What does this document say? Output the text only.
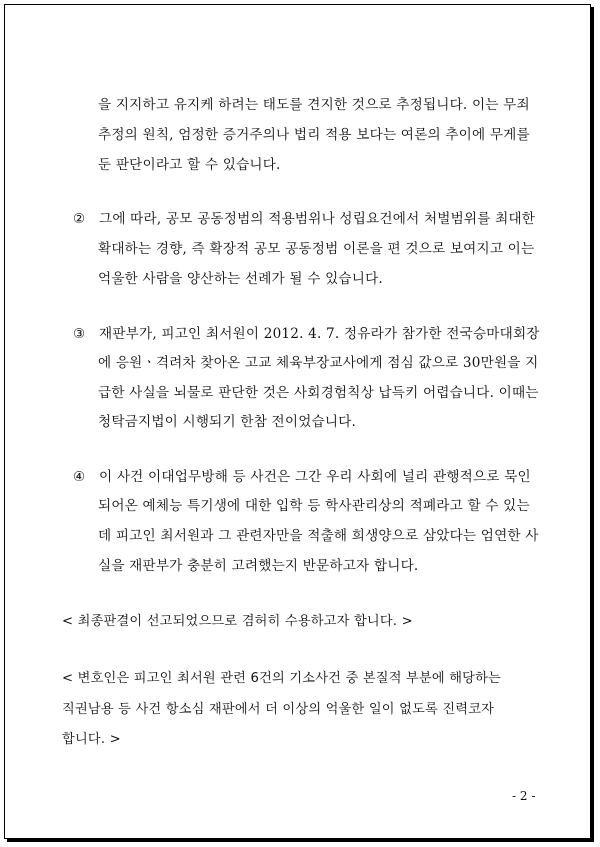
을 지지하고 유지케 하려는 태도를 견지한 것으로 추정됩니다. 이는 무죄
추정의 원칙, 엄정한 증거주의나 법리 적용 보다는 여론의 추이에 무게를
둔 판단이라고 할 수 있습니다.
② 그에 따라, 공모 공동정범의 적용범위나 성립요건에서 처벌범위를 최대한
확대하는 경향, 즉 확장적 공모 공동정범 이론을 편 것으로 보여지고 이는
억울한 사람을 양산하는 선례가 될 수 있습니다.
③ 재판부가, 피고인 최서원이 2012. 4. 7. 정유라가 참가한 전국승마대회장
에 응원ㆍ격려차 찾아온 고교 체육부장교사에게 점심 값으로 30만원을 지
급한 사실을 뇌물로 판단한 것은 사회경험칙상 납득키 어렵습니다. 이때는
청탁금지법이 시행되기 한참 전이었습니다.
④ 이 사건 이대업무방해 등 사건은 그간 우리 사회에 널리 관행적으로 묵인
되어온 예체능 특기생에 대한 입학 등 학사관리상의 적폐라고 할 수 있는
데 피고인 최서원과 그 관련자만을 적출해 희생양으로 삼았다는 엄연한 사
실을 재판부가 충분히 고려했는지 반문하고자 합니다.
< 최종판결이 선고되었으므로 겸허히 수용하고자 합니다. >
< 변호인은 피고인 최서원 관련 6건의 기소사건 중 본질적 부분에 해당하는
직권남용 등 사건 항소심 재판에서 더 이상의 억울한 일이 없도록 진력코자
합니다. >
- 2 -
